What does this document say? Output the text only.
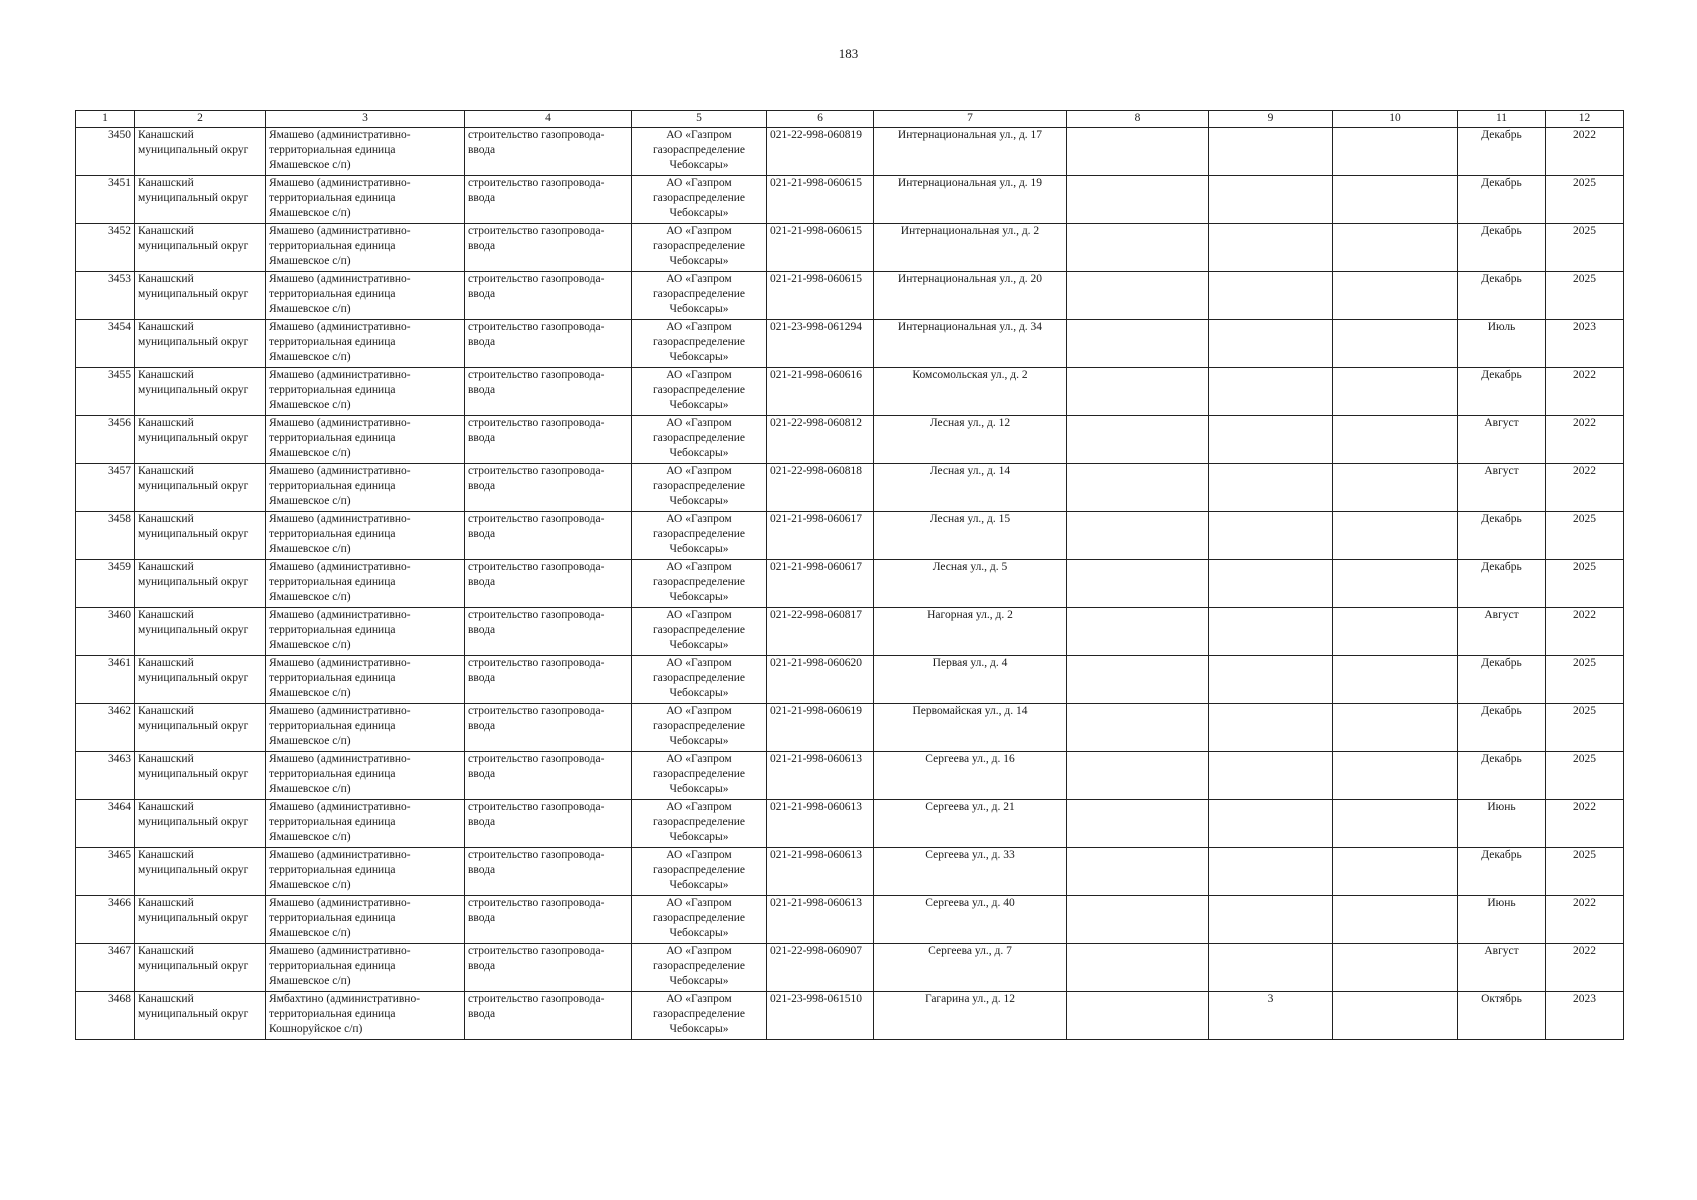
183
1	2	3	4	5	6	7	8	9	10	11	12
3450	Канашский
муниципальный округ	Ямашево (административно-
территориальная единица
Ямашевское с/п)	строительство газопровода-
ввода	АО «Газпром
газораспределение
Чебоксары»	021-22-998-060819	Интернациональная ул., д. 17				Декабрь	2022
3451	Канашский
муниципальный округ	Ямашево (административно-
территориальная единица
Ямашевское с/п)	строительство газопровода-
ввода	АО «Газпром
газораспределение
Чебоксары»	021-21-998-060615	Интернациональная ул., д. 19				Декабрь	2025
3452	Канашский
муниципальный округ	Ямашево (административно-
территориальная единица
Ямашевское с/п)	строительство газопровода-
ввода	АО «Газпром
газораспределение
Чебоксары»	021-21-998-060615	Интернациональная ул., д. 2				Декабрь	2025
3453	Канашский
муниципальный округ	Ямашево (административно-
территориальная единица
Ямашевское с/п)	строительство газопровода-
ввода	АО «Газпром
газораспределение
Чебоксары»	021-21-998-060615	Интернациональная ул., д. 20				Декабрь	2025
3454	Канашский
муниципальный округ	Ямашево (административно-
территориальная единица
Ямашевское с/п)	строительство газопровода-
ввода	АО «Газпром
газораспределение
Чебоксары»	021-23-998-061294	Интернациональная ул., д. 34				Июль	2023
3455	Канашский
муниципальный округ	Ямашево (административно-
территориальная единица
Ямашевское с/п)	строительство газопровода-
ввода	АО «Газпром
газораспределение
Чебоксары»	021-21-998-060616	Комсомольская ул., д. 2				Декабрь	2022
3456	Канашский
муниципальный округ	Ямашево (административно-
территориальная единица
Ямашевское с/п)	строительство газопровода-
ввода	АО «Газпром
газораспределение
Чебоксары»	021-22-998-060812	Лесная ул., д. 12				Август	2022
3457	Канашский
муниципальный округ	Ямашево (административно-
территориальная единица
Ямашевское с/п)	строительство газопровода-
ввода	АО «Газпром
газораспределение
Чебоксары»	021-22-998-060818	Лесная ул., д. 14				Август	2022
3458	Канашский
муниципальный округ	Ямашево (административно-
территориальная единица
Ямашевское с/п)	строительство газопровода-
ввода	АО «Газпром
газораспределение
Чебоксары»	021-21-998-060617	Лесная ул., д. 15				Декабрь	2025
3459	Канашский
муниципальный округ	Ямашево (административно-
территориальная единица
Ямашевское с/п)	строительство газопровода-
ввода	АО «Газпром
газораспределение
Чебоксары»	021-21-998-060617	Лесная ул., д. 5				Декабрь	2025
3460	Канашский
муниципальный округ	Ямашево (административно-
территориальная единица
Ямашевское с/п)	строительство газопровода-
ввода	АО «Газпром
газораспределение
Чебоксары»	021-22-998-060817	Нагорная ул., д. 2				Август	2022
3461	Канашский
муниципальный округ	Ямашево (административно-
территориальная единица
Ямашевское с/п)	строительство газопровода-
ввода	АО «Газпром
газораспределение
Чебоксары»	021-21-998-060620	Первая ул., д. 4				Декабрь	2025
3462	Канашский
муниципальный округ	Ямашево (административно-
территориальная единица
Ямашевское с/п)	строительство газопровода-
ввода	АО «Газпром
газораспределение
Чебоксары»	021-21-998-060619	Первомайская ул., д. 14				Декабрь	2025
3463	Канашский
муниципальный округ	Ямашево (административно-
территориальная единица
Ямашевское с/п)	строительство газопровода-
ввода	АО «Газпром
газораспределение
Чебоксары»	021-21-998-060613	Сергеева ул., д. 16				Декабрь	2025
3464	Канашский
муниципальный округ	Ямашево (административно-
территориальная единица
Ямашевское с/п)	строительство газопровода-
ввода	АО «Газпром
газораспределение
Чебоксары»	021-21-998-060613	Сергеева ул., д. 21				Июнь	2022
3465	Канашский
муниципальный округ	Ямашево (административно-
территориальная единица
Ямашевское с/п)	строительство газопровода-
ввода	АО «Газпром
газораспределение
Чебоксары»	021-21-998-060613	Сергеева ул., д. 33				Декабрь	2025
3466	Канашский
муниципальный округ	Ямашево (административно-
территориальная единица
Ямашевское с/п)	строительство газопровода-
ввода	АО «Газпром
газораспределение
Чебоксары»	021-21-998-060613	Сергеева ул., д. 40				Июнь	2022
3467	Канашский
муниципальный округ	Ямашево (административно-
территориальная единица
Ямашевское с/п)	строительство газопровода-
ввода	АО «Газпром
газораспределение
Чебоксары»	021-22-998-060907	Сергеева ул., д. 7				Август	2022
3468	Канашский
муниципальный округ	Ямбахтино (административно-
территориальная единица
Кошноруйское с/п)	строительство газопровода-
ввода	АО «Газпром
газораспределение
Чебоксары»	021-23-998-061510	Гагарина ул., д. 12		3		Октябрь	2023
